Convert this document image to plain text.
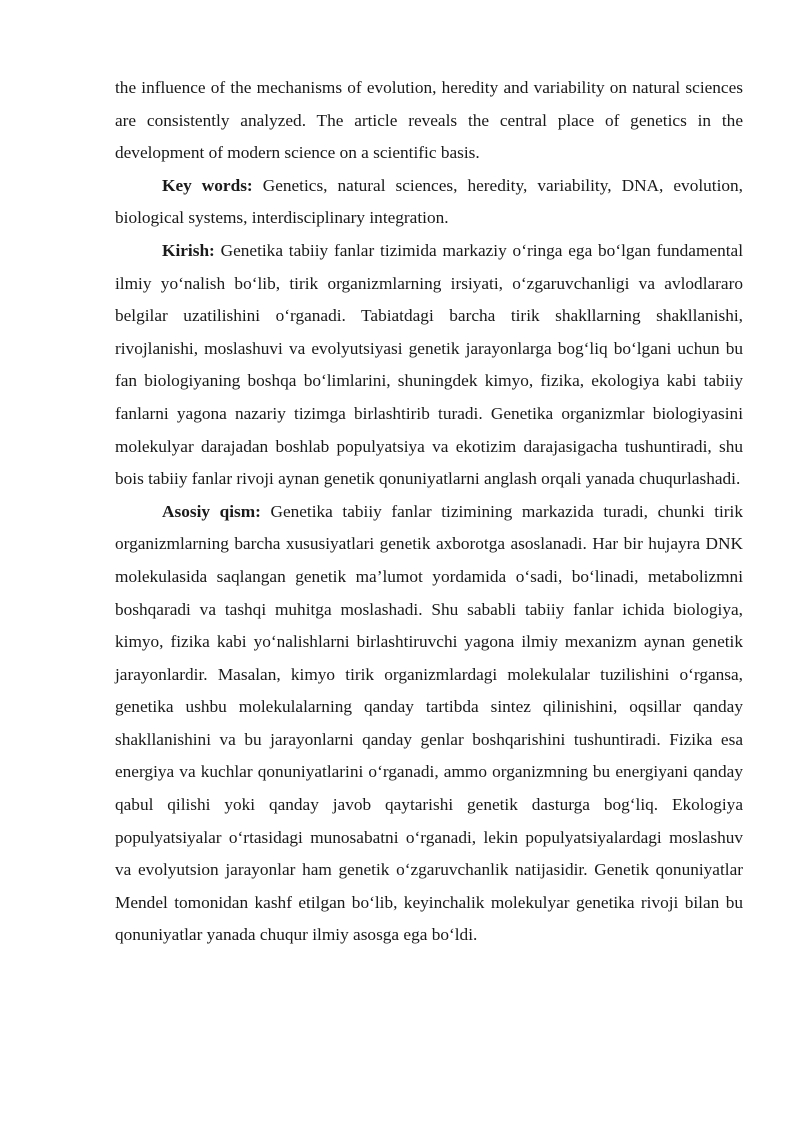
the influence of the mechanisms of evolution, heredity and variability on natural sciences are consistently analyzed. The article reveals the central place of genetics in the development of modern science on a scientific basis.

Key words: Genetics, natural sciences, heredity, variability, DNA, evolution, biological systems, interdisciplinary integration.

Kirish: Genetika tabiiy fanlar tizimida markaziy o‘ringa ega bo‘lgan fundamental ilmiy yo‘nalish bo‘lib, tirik organizmlarning irsiyati, o‘zgaruvchanligi va avlodlararo belgilar uzatilishini o‘rganadi. Tabiatdagi barcha tirik shakllarning shakllanishi, rivojlanishi, moslashuvi va evolyutsiyasi genetik jarayonlarga bog‘liq bo‘lgani uchun bu fan biologiyaning boshqa bo‘limlarini, shuningdek kimyo, fizika, ekologiya kabi tabiiy fanlarni yagona nazariy tizimga birlashtirib turadi. Genetika organizmlar biologiyasini molekulyar darajadan boshlab populyatsiya va ekotizim darajasigacha tushuntiradi, shu bois tabiiy fanlar rivoji aynan genetik qonuniyatlarni anglash orqali yanada chuqurlashadi.

Asosiy qism: Genetika tabiiy fanlar tizimining markazida turadi, chunki tirik organizmlarning barcha xususiyatlari genetik axborotga asoslanadi. Har bir hujayra DNK molekulasida saqlangan genetik ma’lumot yordamida o‘sadi, bo‘linadi, metabolizmni boshqaradi va tashqi muhitga moslashadi. Shu sababli tabiiy fanlar ichida biologiya, kimyo, fizika kabi yo‘nalishlarni birlashtiruvchi yagona ilmiy mexanizm aynan genetik jarayonlardir. Masalan, kimyo tirik organizmlardagi molekulalar tuzilishini o‘rgansa, genetika ushbu molekulalarning qanday tartibda sintez qilinishini, oqsillar qanday shakllanishini va bu jarayonlarni qanday genlar boshqarishini tushuntiradi. Fizika esa energiya va kuchlar qonuniyatlarini o‘rganadi, ammo organizmning bu energiyani qanday qabul qilishi yoki qanday javob qaytarishi genetik dasturga bog‘liq. Ekologiya populyatsiyalar o‘rtasidagi munosabatni o‘rganadi, lekin populyatsiyalardagi moslashuv va evolyutsion jarayonlar ham genetik o‘zgaruvchanlik natijasidir. Genetik qonuniyatlar Mendel tomonidan kashf etilgan bo‘lib, keyinchalik molekulyar genetika rivoji bilan bu qonuniyatlar yanada chuqur ilmiy asosga ega bo‘ldi.
